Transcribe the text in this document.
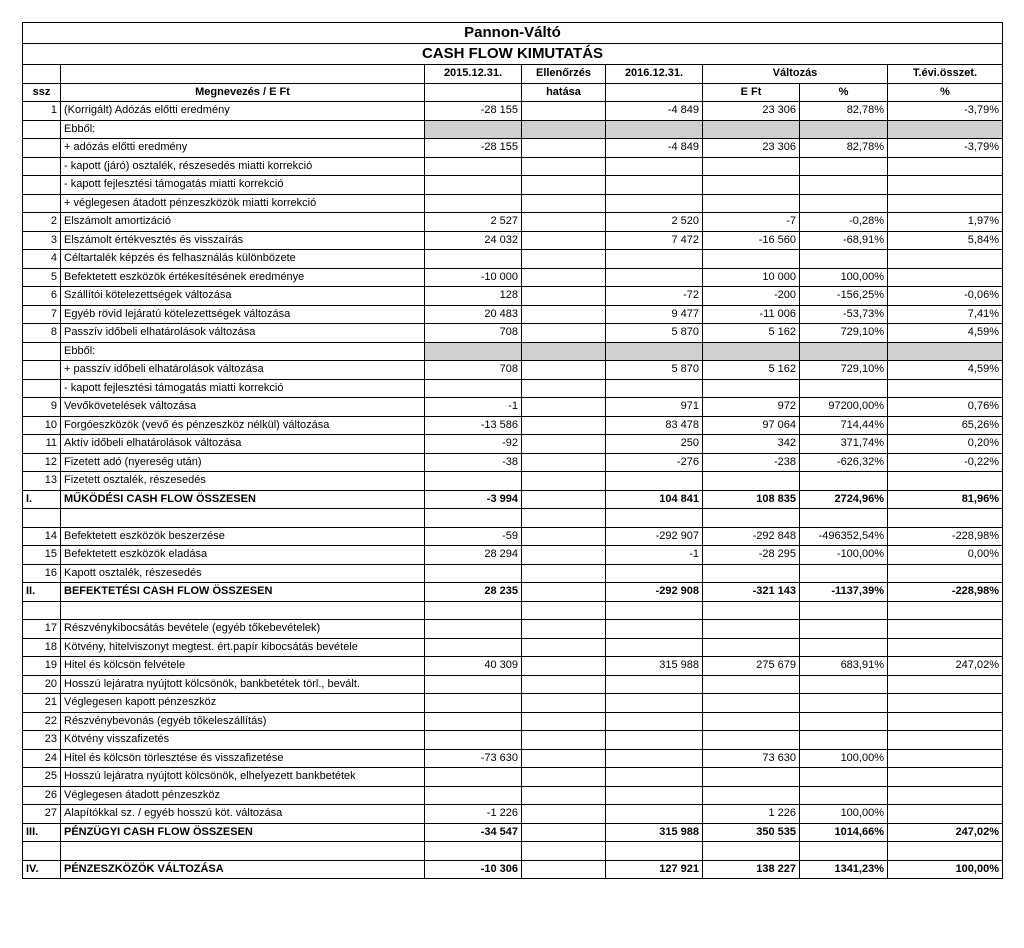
Pannon-Váltó							
CASH FLOW KIMUTATÁS							
		2015.12.31.	Ellenőrzés	2016.12.31.	Változás		T.évi.összet.
ssz	Megnevezés / E Ft		hatása		E Ft	%	%
1	(Korrigált) Adózás előtti eredmény	-28 155		-4 849	23 306	82,78%	-3,79%
	Ebből:						
	+ adózás előtti eredmény	-28 155		-4 849	23 306	82,78%	-3,79%
	- kapott (járó) osztalék, részesedés miatti korrekció						
	- kapott fejlesztési támogatás miatti korrekció						
	+ véglegesen átadott pénzeszközök miatti korrekció						
2	Elszámolt amortizáció	2 527		2 520	-7	-0,28%	1,97%
3	Elszámolt értékvesztés és visszaírás	24 032		7 472	-16 560	-68,91%	5,84%
4	Céltartalék képzés és felhasználás különbözete						
5	Befektetett eszközök értékesítésének eredménye	-10 000			10 000	100,00%	
6	Szállítói kötelezettségek változása	128		-72	-200	-156,25%	-0,06%
7	Egyéb rövid lejáratú kötelezettségek változása	20 483		9 477	-11 006	-53,73%	7,41%
8	Passzív időbeli elhatárolások változása	708		5 870	5 162	729,10%	4,59%
	Ebből:						
	+ passzív időbeli elhatárolások változása	708		5 870	5 162	729,10%	4,59%
	- kapott fejlesztési támogatás miatti korrekció						
9	Vevőkövetelések változása	-1		971	972	97200,00%	0,76%
10	Forgóeszközök (vevő és pénzeszköz nélkül) változása	-13 586		83 478	97 064	714,44%	65,26%
11	Aktív időbeli elhatárolások változása	-92		250	342	371,74%	0,20%
12	Fizetett adó (nyereség után)	-38		-276	-238	-626,32%	-0,22%
13	Fizetett osztalék, részesedés						
I.	MŰKÖDÉSI CASH FLOW ÖSSZESEN	-3 994		104 841	108 835	2724,96%	81,96%

14	Befektetett eszközök beszerzése	-59		-292 907	-292 848	-496352,54%	-228,98%
15	Befektetett eszközök eladása	28 294		-1	-28 295	-100,00%	0,00%
16	Kapott osztalék, részesedés						
II.	BEFEKTETÉSI CASH FLOW ÖSSZESEN	28 235		-292 908	-321 143	-1137,39%	-228,98%

17	Részvénykibocsátás bevétele (egyéb tőkebevételek)						
18	Kötvény, hitelviszonyt megtest. ért.papír kibocsátás bevétele						
19	Hitel és kölcsön felvétele	40 309		315 988	275 679	683,91%	247,02%
20	Hosszú lejáratra nyújtott kölcsönök, bankbetétek törl., bevált.						
21	Véglegesen kapott pénzeszköz						
22	Részvénybevonás (egyéb tőkeleszállítás)						
23	Kötvény visszafizetés						
24	Hitel és kölcsön törlesztése és visszafizetése	-73 630			73 630	100,00%	
25	Hosszú lejáratra nyújtott kölcsönök, elhelyezett bankbetétek						
26	Véglegesen átadott pénzeszköz						
27	Alapítókkal sz. / egyéb hosszú köt. változása	-1 226			1 226	100,00%	
III.	PÉNZÜGYI CASH FLOW ÖSSZESEN	-34 547		315 988	350 535	1014,66%	247,02%

IV.	PÉNZESZKÖZÖK VÁLTOZÁSA	-10 306		127 921	138 227	1341,23%	100,00%
